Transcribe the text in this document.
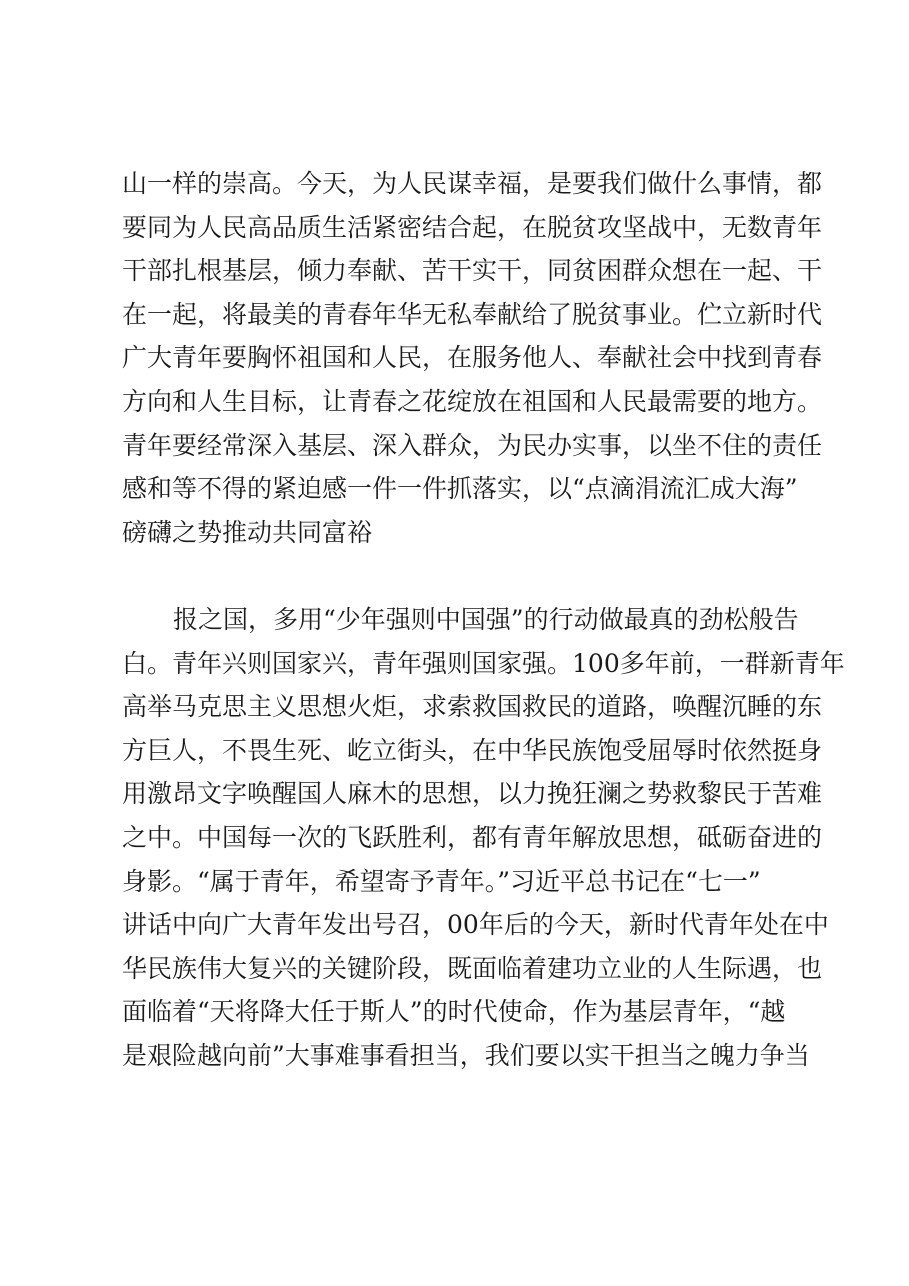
山一样的崇高。今天，为人民谋幸福，是要我们做什么事情，都
要同为人民高品质生活紧密结合起，在脱贫攻坚战中，无数青年
干部扎根基层，倾力奉献、苦干实干，同贫困群众想在一起、干
在一起，将最美的青春年华无私奉献给了脱贫事业。伫立新时代
广大青年要胸怀祖国和人民，在服务他人、奉献社会中找到青春
方向和人生目标，让青春之花绽放在祖国和人民最需要的地方。
青年要经常深入基层、深入群众，为民办实事，以坐不住的责任
感和等不得的紧迫感一件一件抓落实，以“点滴涓流汇成大海”
磅礴之势推动共同富裕
报之国，多用“少年强则中国强”的行动做最真的劲松般告
白。青年兴则国家兴，青年强则国家强。100多年前，一群新青年
高举马克思主义思想火炬，求索救国救民的道路，唤醒沉睡的东
方巨人，不畏生死、屹立街头，在中华民族饱受屈辱时依然挺身
用激昂文字唤醒国人麻木的思想，以力挽狂澜之势救黎民于苦难
之中。中国每一次的飞跃胜利，都有青年解放思想，砥砺奋进的
身影。“属于青年，希望寄予青年。”习近平总书记在“七一”
讲话中向广大青年发出号召，00年后的今天，新时代青年处在中
华民族伟大复兴的关键阶段，既面临着建功立业的人生际遇，也
面临着“天将降大任于斯人”的时代使命，作为基层青年，“越
是艰险越向前”大事难事看担当，我们要以实干担当之魄力争当
